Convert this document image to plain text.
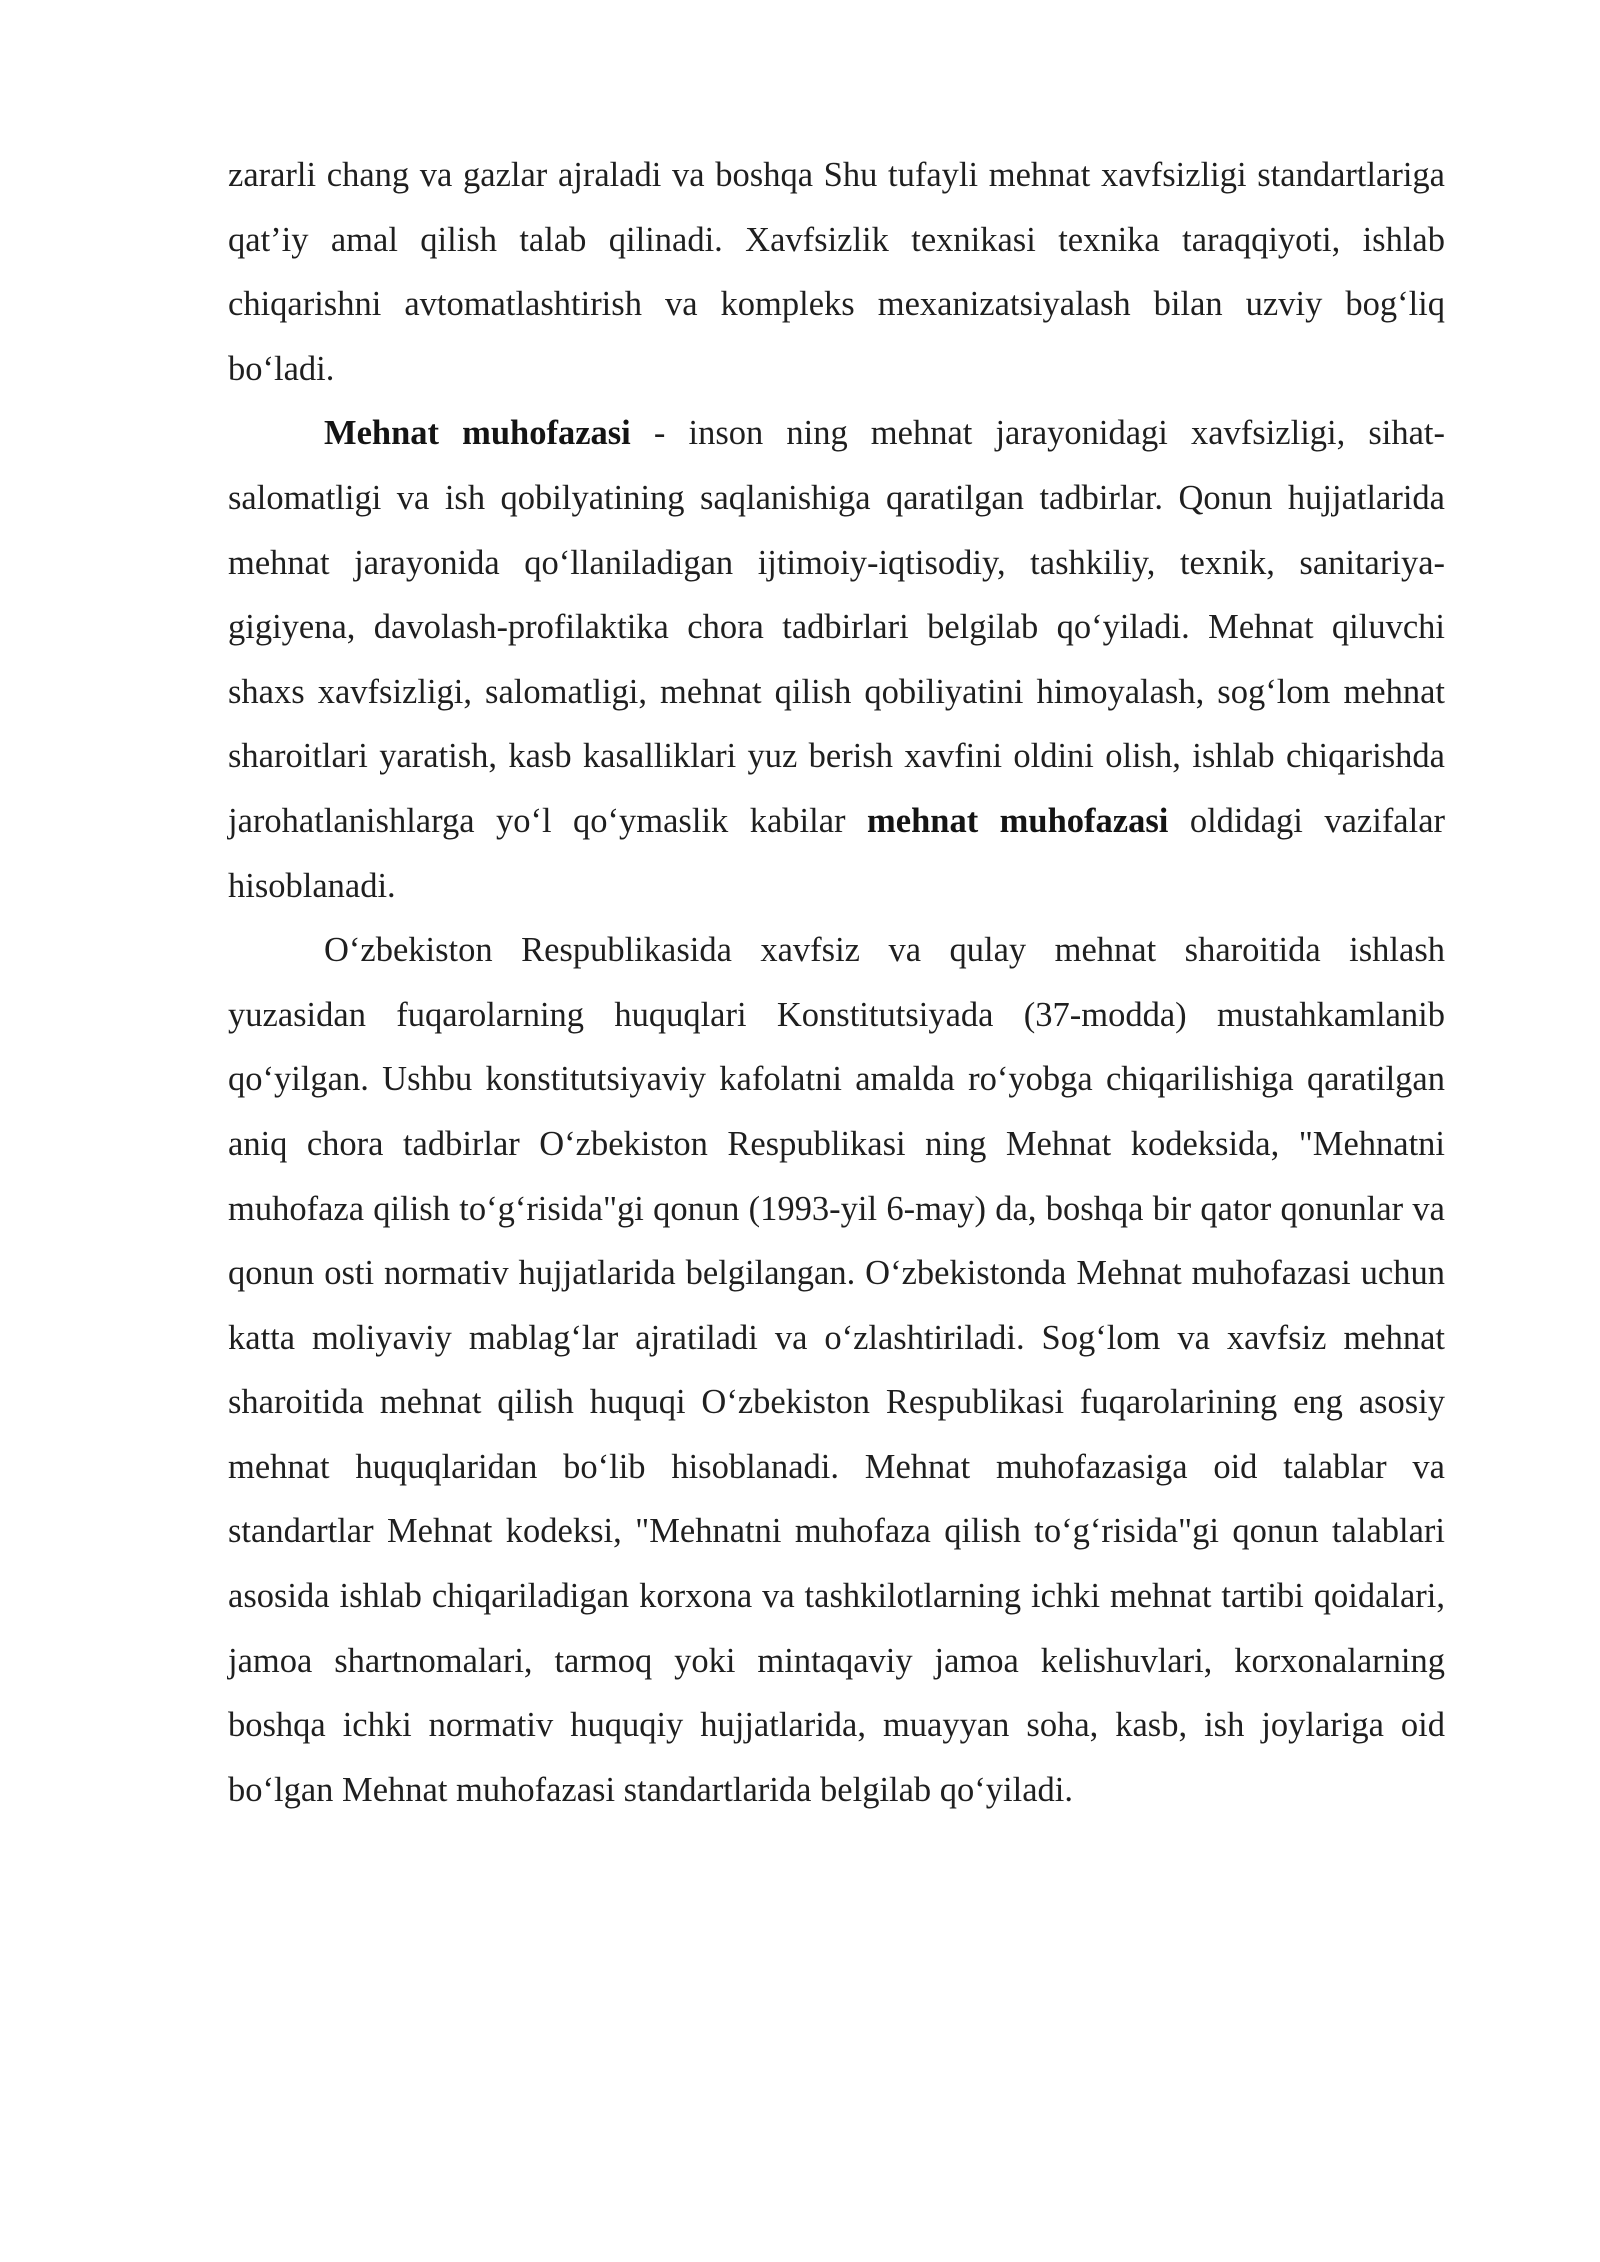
zararli chang va gazlar ajraladi va boshqa Shu tufayli mehnat xavfsizligi standartlariga qat’iy amal qilish talab qilinadi. Xavfsizlik texnikasi texnika taraqqiyoti, ishlab chiqarishni avtomatlashtirish va kompleks mexanizatsiyalash bilan uzviy bog‘liq bo‘ladi.

Mehnat muhofazasi - inson ning mehnat jarayonidagi xavfsizligi, sihat-salomatligi va ish qobilyatining saqlanishiga qaratilgan tadbirlar. Qonun hujjatlarida mehnat jarayonida qo‘llaniladigan ijtimoiy-iqtisodiy, tashkiliy, texnik, sanitariya-gigiyena, davolash-profilaktika chora tadbirlari belgilab qo‘yiladi. Mehnat qiluvchi shaxs xavfsizligi, salomatligi, mehnat qilish qobiliyatini himoyalash, sog‘lom mehnat sharoitlari yaratish, kasb kasalliklari yuz berish xavfini oldini olish, ishlab chiqarishda jarohatlanishlarga yo‘l qo‘ymaslik kabilar mehnat muhofazasi oldidagi vazifalar hisoblanadi.

O‘zbekiston Respublikasida xavfsiz va qulay mehnat sharoitida ishlash yuzasidan fuqarolarning huquqlari Konstitutsiyada (37-modda) mustahkamlanib qo‘yilgan. Ushbu konstitutsiyaviy kafolatni amalda ro‘yobga chiqarilishiga qaratilgan aniq chora tadbirlar O‘zbekiston Respublikasi ning Mehnat kodeksida, "Mehnatni muhofaza qilish to‘g‘risida"gi qonun (1993-yil 6-may) da, boshqa bir qator qonunlar va qonun osti normativ hujjatlarida belgilangan. O‘zbekistonda Mehnat muhofazasi uchun katta moliyaviy mablag‘lar ajratiladi va o‘zlashtiriladi. Sog‘lom va xavfsiz mehnat sharoitida mehnat qilish huquqi O‘zbekiston Respublikasi fuqarolarining eng asosiy mehnat huquqlaridan bo‘lib hisoblanadi. Mehnat muhofazasiga oid talablar va standartlar Mehnat kodeksi, "Mehnatni muhofaza qilish to‘g‘risida"gi qonun talablari asosida ishlab chiqariladigan korxona va tashkilotlarning ichki mehnat tartibi qoidalari, jamoa shartnomalari, tarmoq yoki mintaqaviy jamoa kelishuvlari, korxonalarning boshqa ichki normativ huquqiy hujjatlarida, muayyan soha, kasb, ish joylariga oid bo‘lgan Mehnat muhofazasi standartlarida belgilab qo‘yiladi.
